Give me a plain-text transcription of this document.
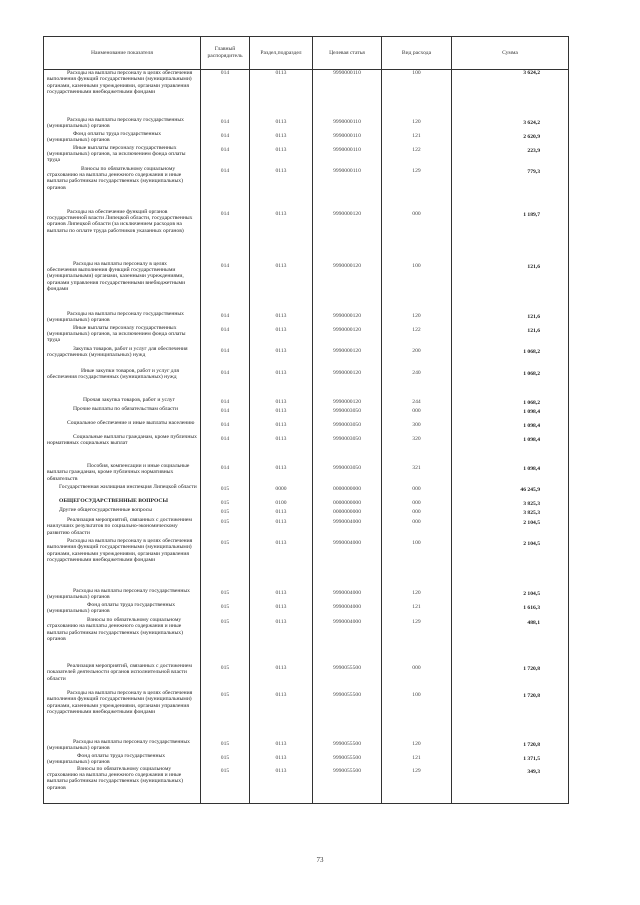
Наименование показателя	Главный распорядитель	Раздел,подраздел	Целевая статья	Вид расхода	Сумма
Расходы на выплаты персоналу в целях обеспечения выполнения функций государственными (муниципальными) органами, казенными учреждениями, органами управления государственными внебюджетными фондами	014	0113	9990000110	100	3 624,2
Расходы на выплаты персоналу государственных (муниципальных) органов	014	0113	9990000110	120	3 624,2
Фонд оплаты труда государственных (муниципальных) органов	014	0113	9990000110	121	2 620,9
Иные выплаты персоналу государственных (муниципальных) органов, за исключением фонда оплаты труда	014	0113	9990000110	122	223,9
Взносы по обязательному социальному страхованию на выплаты денежного содержания и иные выплаты работникам государственных (муниципальных) органов	014	0113	9990000110	129	779,3
Расходы на обеспечение функций органов государственной власти Липецкой области, государственных органов Липецкой области (за исключением расходов на выплаты по оплате труда работников указанных органов)	014	0113	9990000120	000	1 189,7
Расходы на выплаты персоналу в целях обеспечения выполнения функций государственными (муниципальными) органами, казенными учреждениями, органами управления государственными внебюджетными фондами	014	0113	9990000120	100	121,6
Расходы на выплаты персоналу государственных (муниципальных) органов	014	0113	9990000120	120	121,6
Иные выплаты персоналу государственных (муниципальных) органов, за исключением фонда оплаты труда	014	0113	9990000120	122	121,6
Закупка товаров, работ и услуг для обеспечения государственных (муниципальных) нужд	014	0113	9990000120	200	1 068,2
Иные закупки товаров, работ и услуг для обеспечения государственных (муниципальных) нужд	014	0113	9990000120	240	1 068,2
Прочая закупка товаров, работ и услуг	014	0113	9990000120	244	1 068,2
Прочие выплаты по обязательствам области	014	0113	9990003050	000	1 098,4
Социальное обеспечение и иные выплаты населению	014	0113	9990003050	300	1 098,4
Социальные выплаты гражданам, кроме публичных нормативных социальных выплат	014	0113	9990003050	320	1 098,4
Пособия, компенсации и иные социальные выплаты гражданам, кроме публичных нормативных обязательств	014	0113	9990003050	321	1 098,4
Государственная жилищная инспекция Липецкой области	015	0000	0000000000	000	46 245,9
ОБЩЕГОСУДАРСТВЕННЫЕ ВОПРОСЫ	015	0100	0000000000	000	3 825,3
Другие общегосударственные вопросы	015	0113	0000000000	000	3 825,3
Реализация мероприятий, связанных с достижением наилучших результатов по социально-экономическому развитию области	015	0113	9990004000	000	2 104,5
Расходы на выплаты персоналу в целях обеспечения выполнения функций государственными (муниципальными) органами, казенными учреждениями, органами управления государственными внебюджетными фондами	015	0113	9990004000	100	2 104,5
Расходы на выплаты персоналу государственных (муниципальных) органов	015	0113	9990004000	120	2 104,5
Фонд оплаты труда государственных (муниципальных) органов	015	0113	9990004000	121	1 616,3
Взносы по обязательному социальному страхованию на выплаты денежного содержания и иные выплаты работникам государственных (муниципальных) органов	015	0113	9990004000	129	488,1
Реализация мероприятий, связанных с достижением показателей деятельности органов исполнительной власти области	015	0113	9990055500	000	1 720,8
Расходы на выплаты персоналу в целях обеспечения выполнения функций государственными (муниципальными) органами, казенными учреждениями, органами управления государственными внебюджетными фондами	015	0113	9990055500	100	1 720,8
Расходы на выплаты персоналу государственных (муниципальных) органов	015	0113	9990055500	120	1 720,8
Фонд оплаты труда государственных (муниципальных) органов	015	0113	9990055500	121	1 371,5
Взносы по обязательному социальному страхованию на выплаты денежного содержания и иные выплаты работникам государственных (муниципальных) органов	015	0113	9990055500	129	349,3
73
